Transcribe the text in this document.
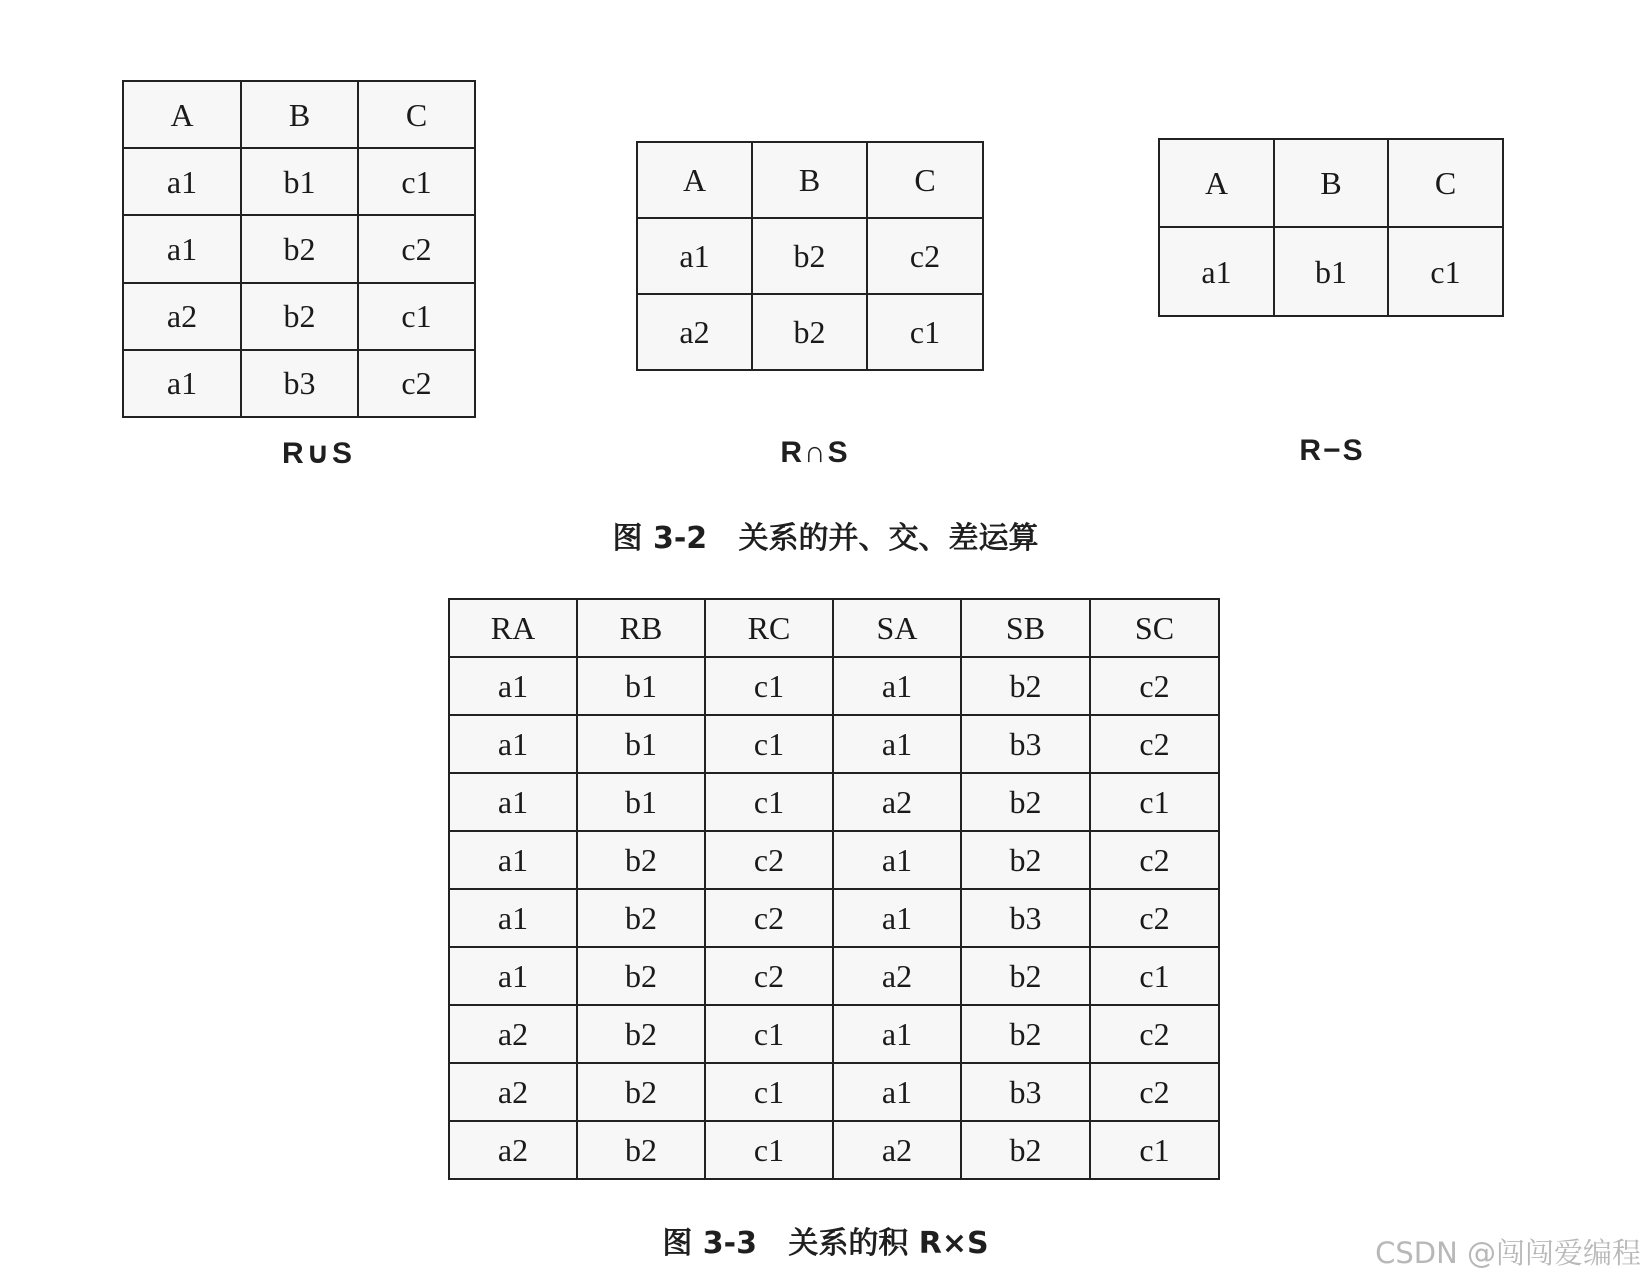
A	B	C
a1	b1	c1
a1	b2	c2
a2	b2	c1
a1	b3	c2
R∪S
A	B	C
a1	b2	c2
a2	b2	c1
R∩S
A	B	C
a1	b1	c1
R−S
图 3-2   关系的并、交、差运算
RA	RB	RC	SA	SB	SC
a1	b1	c1	a1	b2	c2
a1	b1	c1	a1	b3	c2
a1	b1	c1	a2	b2	c1
a1	b2	c2	a1	b2	c2
a1	b2	c2	a1	b3	c2
a1	b2	c2	a2	b2	c1
a2	b2	c1	a1	b2	c2
a2	b2	c1	a1	b3	c2
a2	b2	c1	a2	b2	c1
图 3-3   关系的积 R×S	CSDN @闯闯爱编程
